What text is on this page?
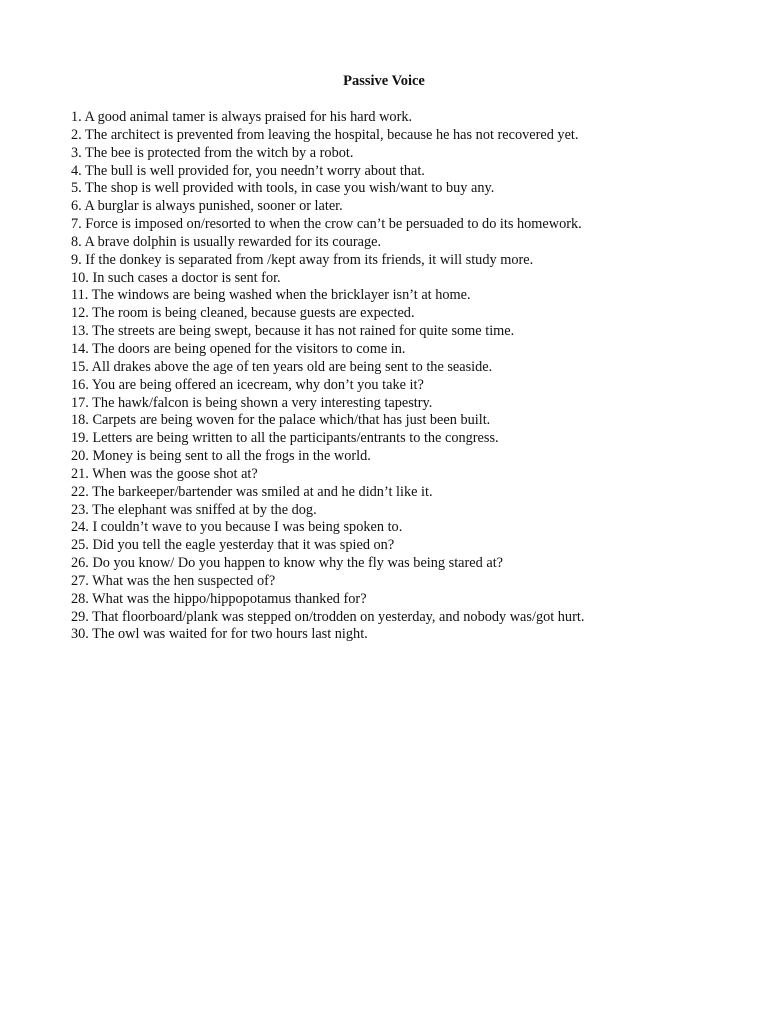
Passive Voice
1. A good animal tamer is always praised for his hard work.
2. The architect is prevented from leaving the hospital, because he has not recovered yet.
3. The bee is protected from the witch by a robot.
4. The bull is well provided for, you needn’t worry about that.
5. The shop is well provided with tools, in case you wish/want to buy any.
6. A burglar is always punished, sooner or later.
7. Force is imposed on/resorted to when the crow can’t be persuaded to do its homework.
8. A brave dolphin is usually rewarded for its courage.
9. If the donkey is separated from /kept away from its friends, it will study more.
10. In such cases a doctor is sent for.
11. The windows are being washed when the bricklayer isn’t at home.
12. The room is being cleaned, because guests are expected.
13. The streets are being swept, because it has not rained for quite some time.
14. The doors are being opened for the visitors to come in.
15. All drakes above the age of ten years old are being sent to the seaside.
16. You are being offered an icecream, why don’t you take it?
17. The hawk/falcon is being shown a very interesting tapestry.
18. Carpets are being woven for the palace which/that has just been built.
19. Letters are being written to all the participants/entrants to the congress.
20. Money is being sent to all the frogs in the world.
21. When was the goose shot at?
22. The barkeeper/bartender was smiled at and he didn’t like it.
23. The elephant was sniffed at by the dog.
24. I couldn’t wave to you because I was being spoken to.
25. Did you tell the eagle yesterday that it was spied on?
26. Do you know/ Do you happen to know why the fly was being stared at?
27. What was the hen suspected of?
28. What was the hippo/hippopotamus thanked for?
29. That floorboard/plank was stepped on/trodden on yesterday, and nobody was/got hurt.
30. The owl was waited for for two hours last night.
